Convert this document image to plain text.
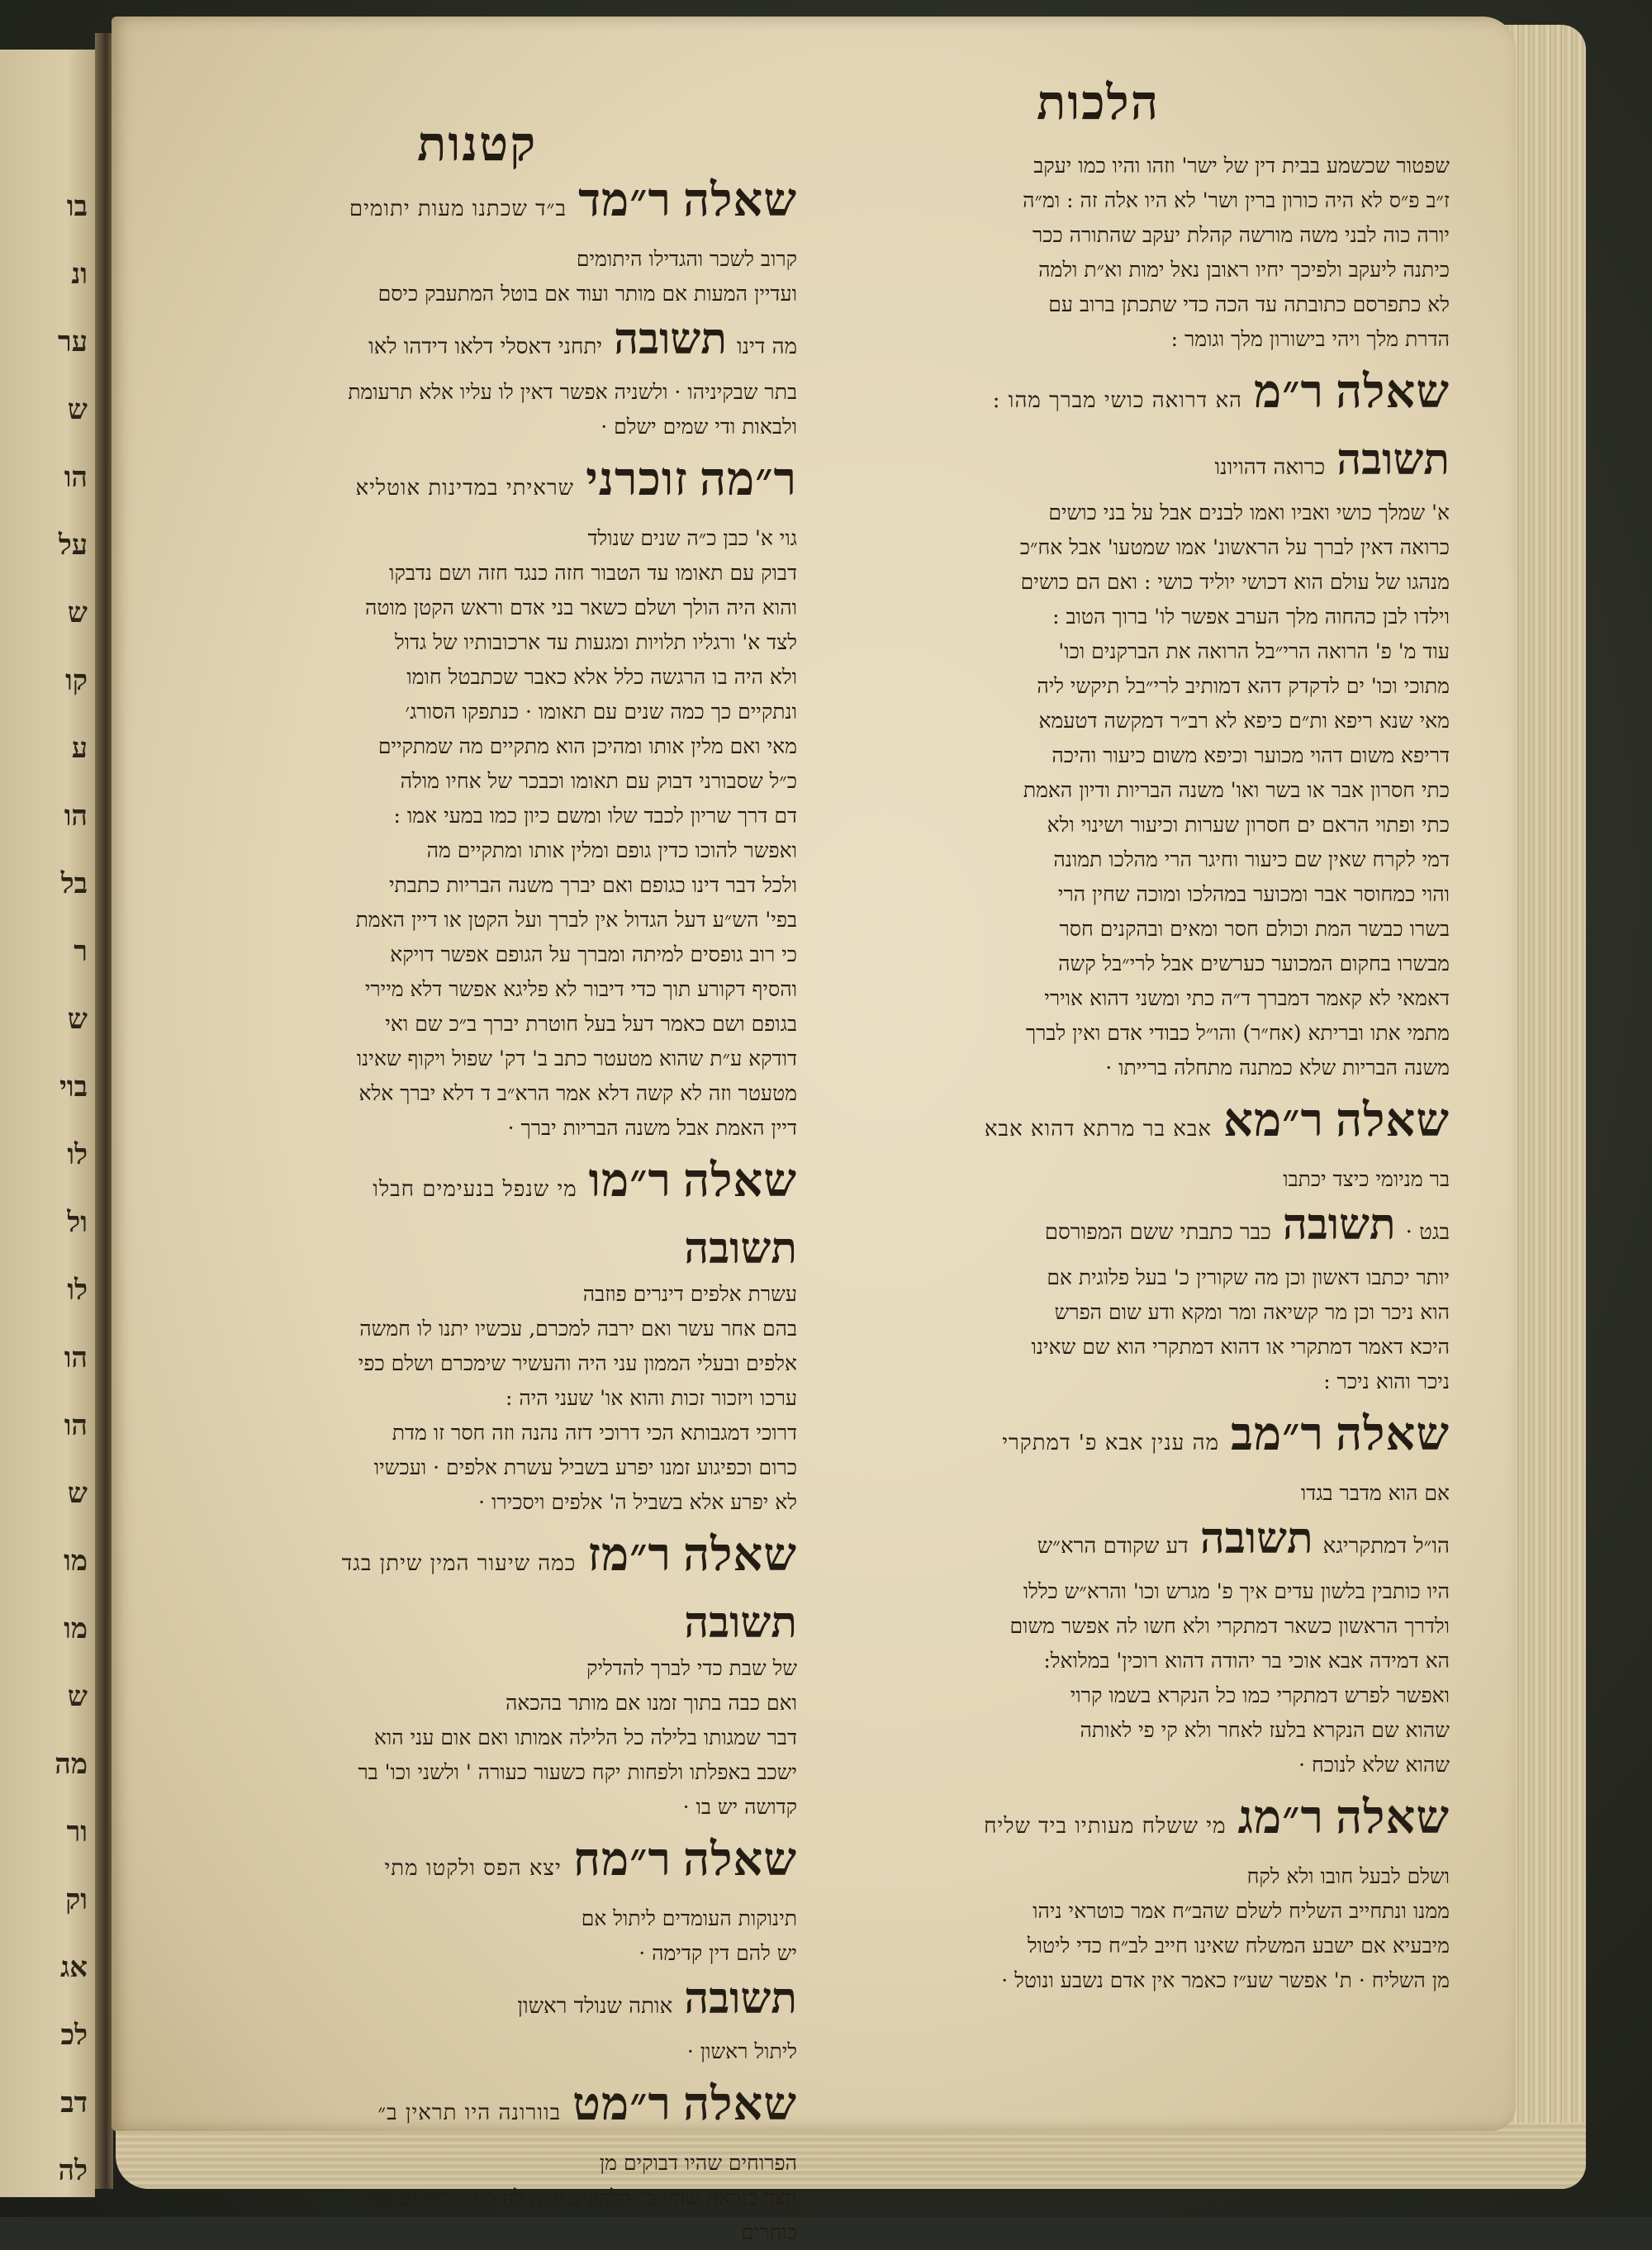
בו
ונ
ער
ש
הו
על
ש
קו
ע
הו
בל
ר
ש
בוי
לו
ול
לו
הו
הו
ש
מו
מו
ש
מה
ור
וק
אג
לכ
דב
לה
הלכות
קטנות	שפטור שכשמע בבית דין של ישר' וזהו והיו כמו יעקב
ז״ב פ״ס לא היה כורון ברין ושר' לא היו אלה זה : ומ״ה
יורה כוה לבני משה מורשה קהלת יעקב שהתורה ככר
כיתנה ליעקב ולפיכך יחיו ראובן נאל ימות וא״ת ולמה
לא כתפרסם כתובתה עד הכה כדי שתכתן ברוב עם
הדרת מלך ויהי בישורון מלך וגומר :
שאלהר״מהא דרואה כושי מברך מהו :
תשובהכרואה דהויונו
א' שמלך כושי ואביו ואמו לבנים אבל על בני כושים
כרואה דאין לברך על הראשונ' אמו שמטעו' אבל אח״כ
מנהגו של עולם הוא דכושי יוליד כושי : ואם הם כושים
וילדו לבן כהחוה מלך הערב אפשר לו' ברוך הטוב :
עוד מ' פ' הרואה הרי״בל הרואה את הברקנים וכו'
מתוכי וכו' ים לדקדק דהא דמותיב לרי״בל תיקשי ליה
מאי שנא ריפא ות״ם כיפא לא רב״ר דמקשה דטעמא
דריפא משום דהוי מכוער וכיפא משום כיעור והיכה
כתי חסרון אבר או בשר ואו' משנה הבריות ודיון האמת
כתי ופתוי הראם ים חסרון שערות וכיעור ושינוי ולא
דמי לקרח שאין שם כיעור וחיגר הרי מהלכו תמונה
והוי כמחוסר אבר ומכוער במהלכו ומוכה שחין הרי
בשרו כבשר המת וכולם חסר ומאים ובהקנים חסר
מבשרו בחקום המכוער כערשים אבל לרי״בל קשה
דאמאי לא קאמר דמברך ד״ה כתי ומשני דהוא אוירי
מתמי אתו ובריתא (אח״ר) והו״ל כבודי אדם ואין לברך
משנה הבריות שלא כמתנה מתחלה ברייתו ·
שאלהר״מאאבא בר מרתא דהוא אבא
בר מניומי כיצד יכתבו
בגט ·תשובהכבר כתבתי ששם המפורסם
יותר יכתבו דאשון וכן מה שקורין כ' בעל פלוגית אם
הוא ניכר וכן מר קשיאה ומר ומקא ודע שום הפרש
היכא דאמר דמתקרי או דהוא דמתקרי הוא שם שאינו
ניכר והוא ניכר :
שאלהר״מבמה ענין אבא פ' דמתקרי
אם הוא מדבר בגדו
הו״ל דמתקריגאתשובהדע שקודם הרא״ש
היו כותבין בלשון עדים איך פ' מגרש וכו' והרא״ש כללו
ולדרך הראשון כשאר דמתקרי ולא חשו לה אפשר משום
הא דמידה אבא אוכי בר יהודה דהוא רוכין' במלואל:
ואפשר לפרש דמתקרי כמו כל הנקרא בשמו קרוי
שהוא שם הנקרא בלעז לאחר ולא קי פי לאותה
שהוא שלא לנוכח ·
שאלהר״מגמי ששלח מעותיו ביד שליח
ושלם לבעל חובו ולא לקח
ממנו ונתחייב השליח לשלם שהב״ח אמר כוטראי ניהו
מיבעיא אם ישבע המשלח שאינו חייב לב״ח כדי ליטול
מן השליח · ת' אפשר שע״ז כאמר אין אדם נשבע ונוטל ·
שאלהר״מדב״ד שכתנו מעות יתומים
קרוב לשכר והגדילו היתומים
ועדיין המעות אם מותר ועוד אם בוטל המתעבק כיסם
מה דינותשובהיתחני דאסלי דלאו דידהו לאו
בתר שבקיניהו · ולשניה אפשר דאין לו עליו אלא תרעומת
ולבאות ודי שמים ישלם ·
ר״מהזוכרנישראיתי במדינות אוטליא
גוי א' כבן כ״ה שנים שנולד
דבוק עם תאומו עד הטבור חזה כנגד חזה ושם נדבקו
והוא היה הולך ושלם כשאר בני אדם וראש הקטן מוטה
לצד א' ורגליו תלויות ומגעות עד ארכובותיו של גדול
ולא היה בו הרגשה כלל אלא כאבר שכתבטל חומו
ונתקיים כך כמה שנים עם תאומו · כנתפקו הסורג׳
מאי ואם מלין אותו ומהיכן הוא מתקיים מה שמתקיים
כ״ל שסבורני דבוק עם תאומו וכבכר של אחיו מולה
דם דרך שריון לכבד שלו ומשם כיון כמו במעי אמו :
ואפשר להוכו כדין גופם ומלין אותו ומתקיים מה
ולכל דבר דינו כגופם ואם יברך משנה הבריות כתבתי
בפי' הש״ע דעל הגדול אין לברך ועל הקטן או דיין האמת
כי רוב גופסים למיתה ומברך על הגופם אפשר דויקא
והסיף דקורע תוך כדי דיבור לא פליגא אפשר דלא מיירי
בגופם ושם כאמר דעל בעל חוטרת יברך ב״כ שם ואי
דודקא ע״ת שהוא מטעטר כתב ב' דק' שפול ויקוף שאינו
מטעטר וזה לא קשה דלא אמר הרא״ב ד דלא יברך אלא
דיין האמת אבל משנה הבריות יברך ·
שאלהר״מומי שנפל בנעימים חבלו
תשובה
עשרת אלפים דינרים פוזבה
בהם אחר עשר ואם ירבה למכרם, עכשיו יתנו לו חמשה
אלפים ובעלי הממון עני היה והעשיר שימכרם ושלם כפי
ערכו ויזכור זכות והוא או' שעני היה :
דרוכי דמגבותא הכי דרוכי דזה נהנה וזה חסר זו מדת
כרום וכפיגוע זמנו יפרע בשביל עשרת אלפים · ועכשיו
לא יפרע אלא בשביל ה' אלפים ויסכירו ·
שאלהר״מזכמה שיעור המין שיתן בגד
תשובה
של שבת כדי לברך להדליק
ואם כבה בתוך זמנו אם מותר בהכאה
דבר שמגותו בלילה כל הלילה אמותו ואם אום עני הוא
ישכב באפלתו ולפחות יקח כשעור כעורה ' ולשני וכו' בר
קדושה יש בו ·
שאלהר״מחיצא הפס ולקטו מתי
תינוקות העומדים ליתול אם
יש להם דין קדימה ·
תשובהאותה שנולד ראשון
ליתול ראשון ·
שאלהר״מטבוורונה היו תראין ב״
הפרוחים שהיו דבוקים מן
הצד כנראה שהיו ב״ הלהוניכ והיה לה כ ב״ ראשים וב״
כוחרים
